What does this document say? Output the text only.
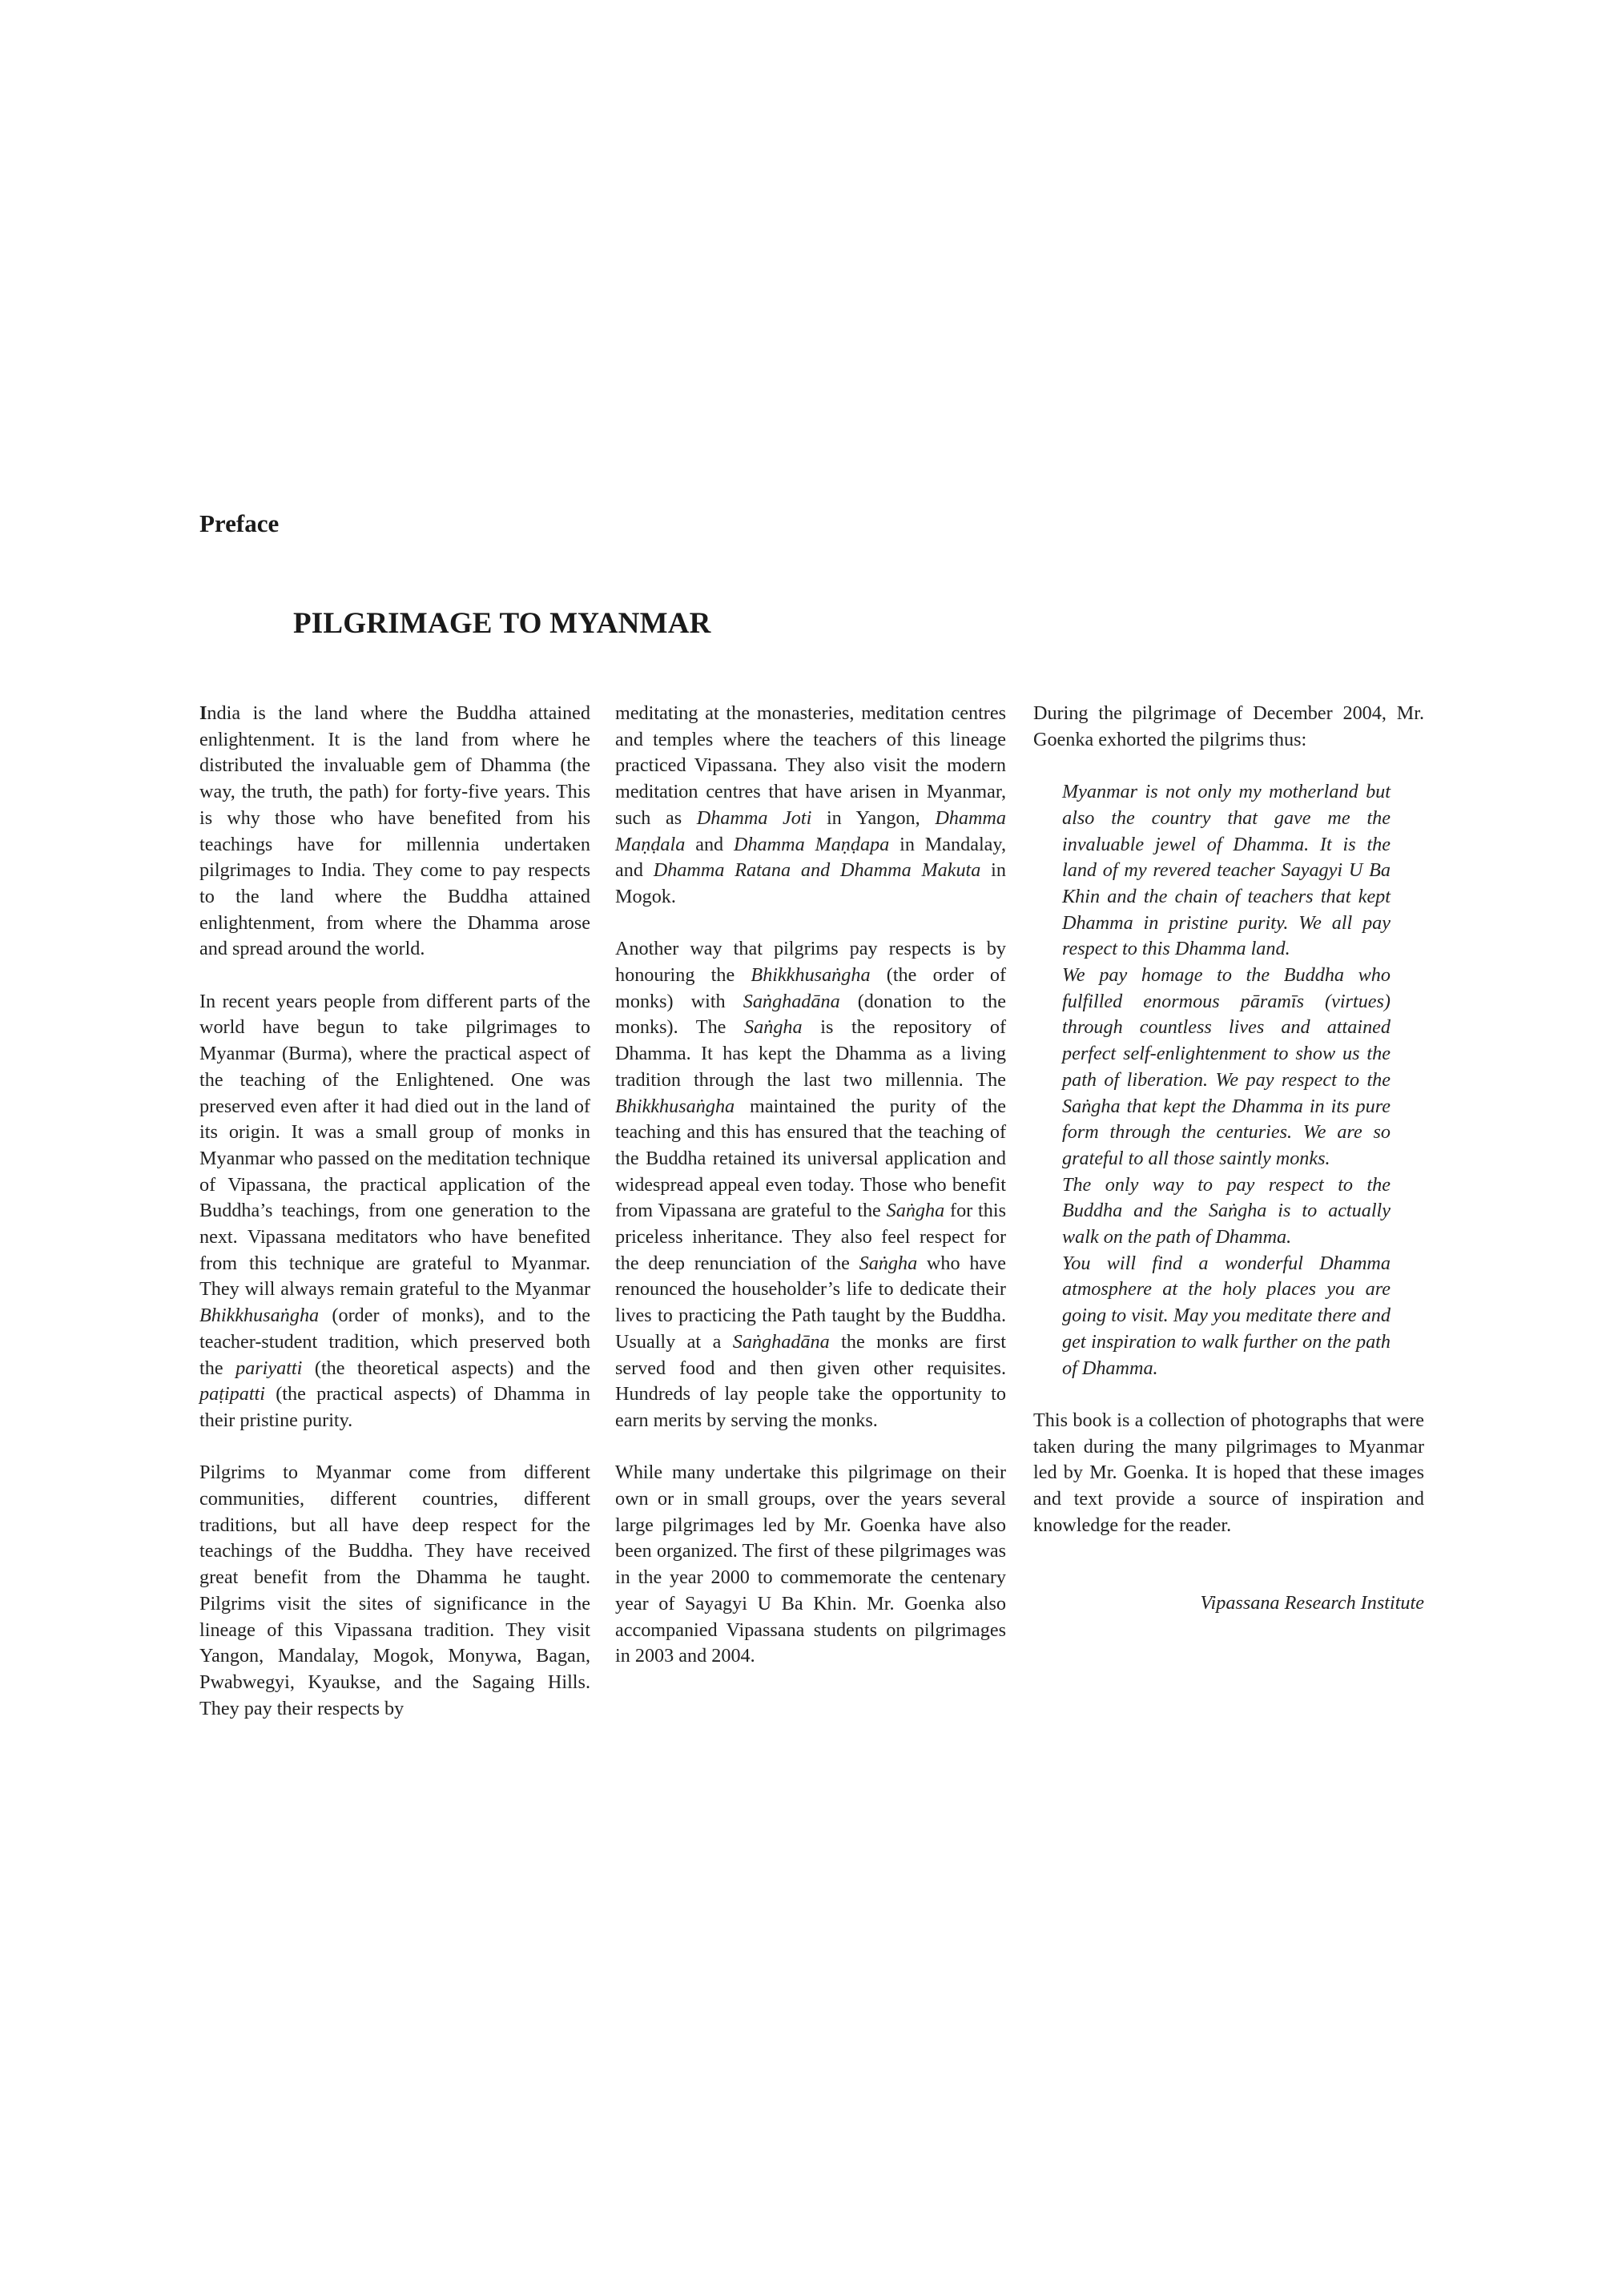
Preface
PILGRIMAGE TO MYANMAR

India is the land where the Buddha attained enlightenment. It is the land from where he distributed the invaluable gem of Dhamma (the way, the truth, the path) for forty-five years. This is why those who have benefited from his teachings have for millennia undertaken pilgrimages to India. They come to pay respects to the land where the Buddha attained enlightenment, from where the Dhamma arose and spread around the world.

In recent years people from different parts of the world have begun to take pilgrimages to Myanmar (Burma), where the practical aspect of the teaching of the Enlightened. One was preserved even after it had died out in the land of its origin. It was a small group of monks in Myanmar who passed on the meditation technique of Vipassana, the practical application of the Buddha’s teachings, from one generation to the next. Vipassana meditators who have benefited from this technique are grateful to Myanmar. They will always remain grateful to the Myanmar Bhikkhusaṅgha (order of monks), and to the teacher-student tradition, which preserved both the pariyatti (the theoretical aspects) and the paṭipatti (the practical aspects) of Dhamma in their pristine purity.

Pilgrims to Myanmar come from different communities, different countries, different traditions, but all have deep respect for the teachings of the Buddha. They have received great benefit from the Dhamma he taught. Pilgrims visit the sites of significance in the lineage of this Vipassana tradition. They visit Yangon, Mandalay, Mogok, Monywa, Bagan, Pwabwegyi, Kyaukse, and the Sagaing Hills. They pay their respects by

meditating at the monasteries, meditation centres and temples where the teachers of this lineage practiced Vipassana. They also visit the modern meditation centres that have arisen in Myanmar, such as Dhamma Joti in Yangon, Dhamma Maṇḍala and Dhamma Maṇḍapa in Mandalay, and Dhamma Ratana and Dhamma Makuta in Mogok.

Another way that pilgrims pay respects is by honouring the Bhikkhusaṅgha (the order of monks) with Saṅghadāna (donation to the monks). The Saṅgha is the repository of Dhamma. It has kept the Dhamma as a living tradition through the last two millennia. The Bhikkhusaṅgha maintained the purity of the teaching and this has ensured that the teaching of the Buddha retained its universal application and widespread appeal even today. Those who benefit from Vipassana are grateful to the Saṅgha for this priceless inheritance. They also feel respect for the deep renunciation of the Saṅgha who have renounced the householder’s life to dedicate their lives to practicing the Path taught by the Buddha. Usually at a Saṅghadāna the monks are first served food and then given other requisites. Hundreds of lay people take the opportunity to earn merits by serving the monks.

While many undertake this pilgrimage on their own or in small groups, over the years several large pilgrimages led by Mr. Goenka have also been organized. The first of these pilgrimages was in the year 2000 to commemorate the centenary year of Sayagyi U Ba Khin. Mr. Goenka also accompanied Vipassana students on pilgrimages in 2003 and 2004.

During the pilgrimage of December 2004, Mr. Goenka exhorted the pilgrims thus:

Myanmar is not only my motherland but also the country that gave me the invaluable jewel of Dhamma. It is the land of my revered teacher Sayagyi U Ba Khin and the chain of teachers that kept Dhamma in pristine purity. We all pay respect to this Dhamma land.

We pay homage to the Buddha who fulfilled enormous pāramīs (virtues) through countless lives and attained perfect self-enlightenment to show us the path of liberation. We pay respect to the Saṅgha that kept the Dhamma in its pure form through the centuries. We are so grateful to all those saintly monks.

The only way to pay respect to the Buddha and the Saṅgha is to actually walk on the path of Dhamma.

You will find a wonderful Dhamma atmosphere at the holy places you are going to visit. May you meditate there and get inspiration to walk further on the path of Dhamma.

This book is a collection of photographs that were taken during the many pilgrimages to Myanmar led by Mr. Goenka. It is hoped that these images and text provide a source of inspiration and knowledge for the reader.

Vipassana Research Institute
